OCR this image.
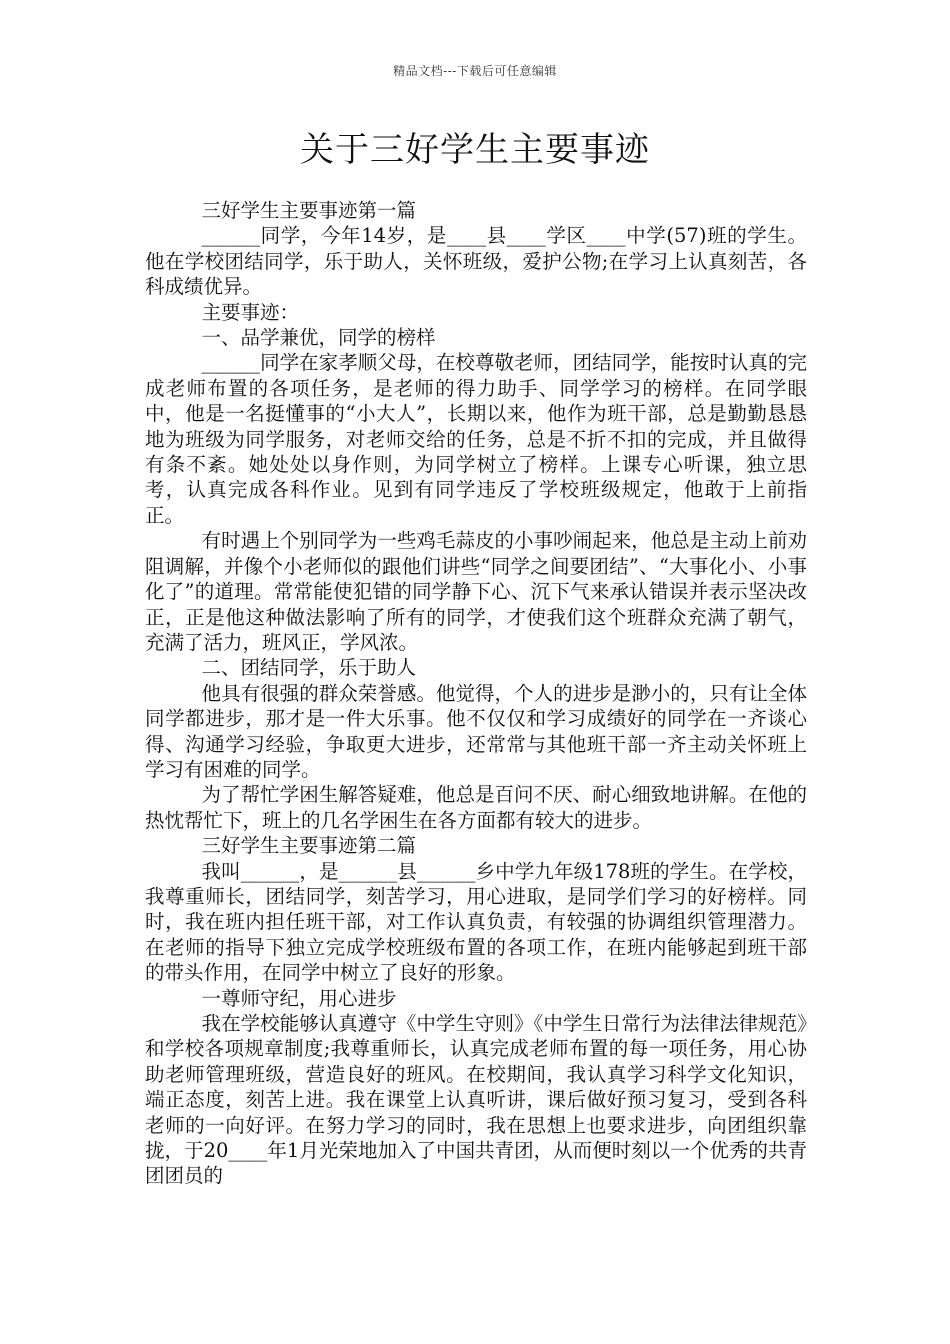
精品文档---下载后可任意编辑
关于三好学生主要事迹

三好学生主要事迹第一篇

______同学，今年14岁，是____县____学区____中学(57)班的学生。他在学校团结同学，乐于助人，关怀班级，爱护公物;在学习上认真刻苦，各科成绩优异。

主要事迹：

一、品学兼优，同学的榜样

______同学在家孝顺父母，在校尊敬老师，团结同学，能按时认真的完成老师布置的各项任务，是老师的得力助手、同学学习的榜样。在同学眼中，他是一名挺懂事的“小大人”，长期以来，他作为班干部，总是勤勤恳恳地为班级为同学服务，对老师交给的任务，总是不折不扣的完成，并且做得有条不紊。她处处以身作则，为同学树立了榜样。上课专心听课，独立思考，认真完成各科作业。见到有同学违反了学校班级规定，他敢于上前指正。

有时遇上个别同学为一些鸡毛蒜皮的小事吵闹起来，他总是主动上前劝阻调解，并像个小老师似的跟他们讲些“同学之间要团结”、“大事化小、小事化了”的道理。常常能使犯错的同学静下心、沉下气来承认错误并表示坚决改正，正是他这种做法影响了所有的同学，才使我们这个班群众充满了朝气，充满了活力，班风正，学风浓。

二、团结同学，乐于助人

他具有很强的群众荣誉感。他觉得，个人的进步是渺小的，只有让全体同学都进步，那才是一件大乐事。他不仅仅和学习成绩好的同学在一齐谈心得、沟通学习经验，争取更大进步，还常常与其他班干部一齐主动关怀班上学习有困难的同学。

为了帮忙学困生解答疑难，他总是百问不厌、耐心细致地讲解。在他的热忱帮忙下，班上的几名学困生在各方面都有较大的进步。

三好学生主要事迹第二篇

我叫______，是______县______乡中学九年级178班的学生。在学校，我尊重师长，团结同学，刻苦学习，用心进取，是同学们学习的好榜样。同时，我在班内担任班干部，对工作认真负责，有较强的协调组织管理潜力。在老师的指导下独立完成学校班级布置的各项工作，在班内能够起到班干部的带头作用，在同学中树立了良好的形象。

一尊师守纪，用心进步

我在学校能够认真遵守《中学生守则》《中学生日常行为法律法律规范》和学校各项规章制度;我尊重师长，认真完成老师布置的每一项任务，用心协助老师管理班级，营造良好的班风。在校期间，我认真学习科学文化知识，端正态度，刻苦上进。我在课堂上认真听讲，课后做好预习复习，受到各科老师的一向好评。在努力学习的同时，我在思想上也要求进步，向团组织靠拢，于20____年1月光荣地加入了中国共青团，从而便时刻以一个优秀的共青团团员的
